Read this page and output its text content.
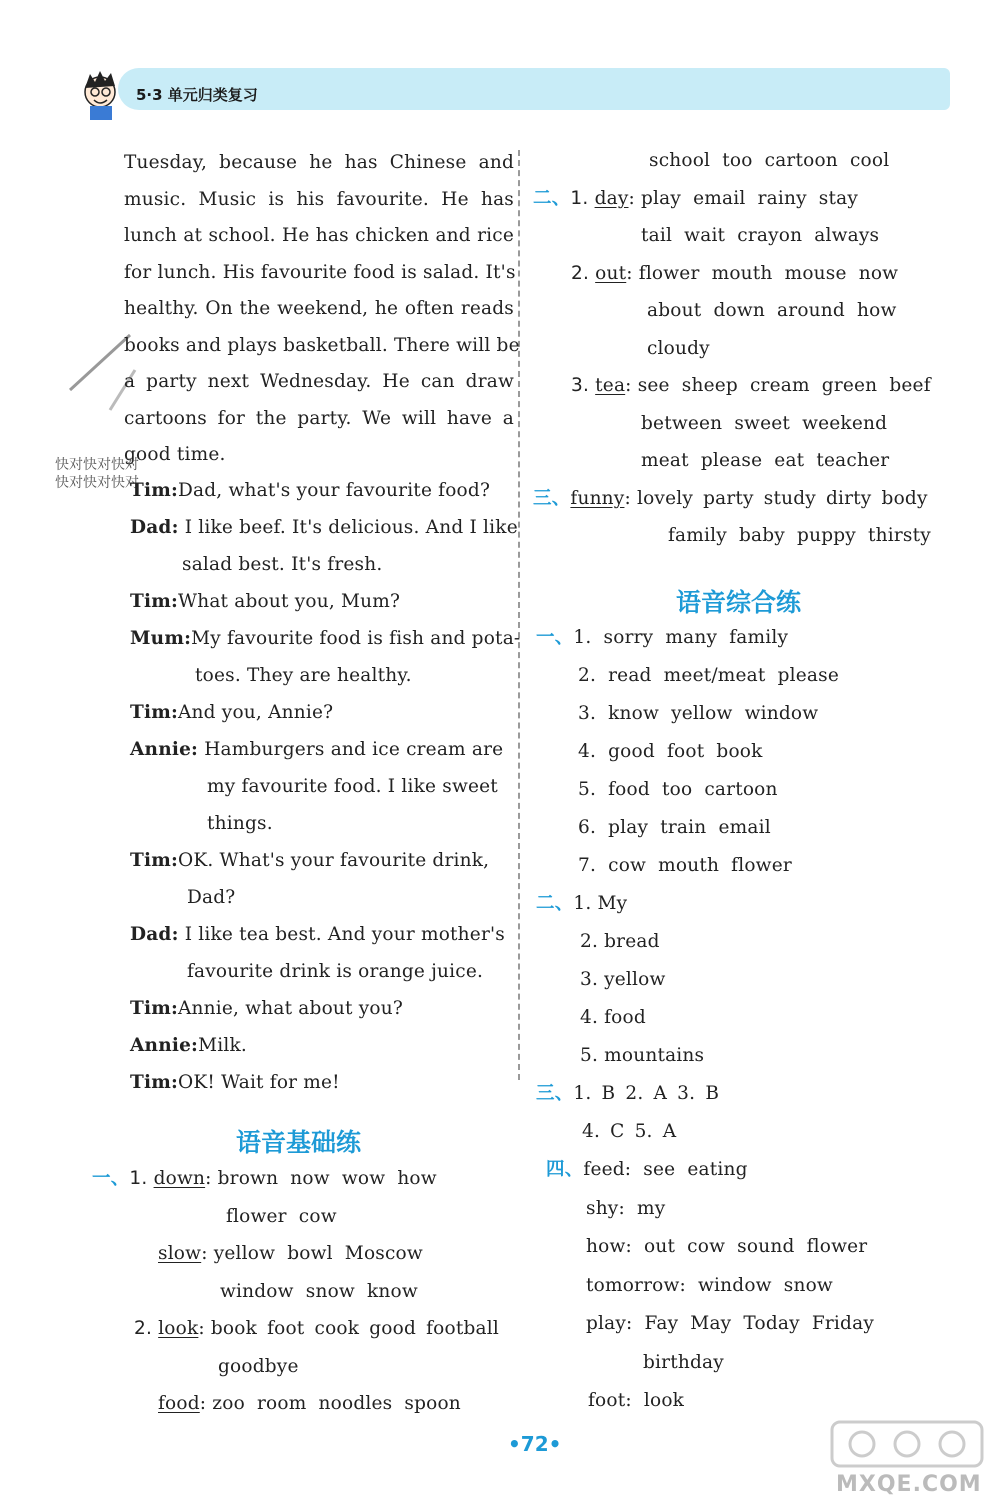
5·3 单元归类复习
Tuesday, because he has Chinese and
music. Music is his favourite. He has
lunch at school. He has chicken and rice
for lunch. His favourite food is salad. It's
healthy. On the weekend, he often reads
books and plays basketball. There will be
a party next Wednesday. He can draw
cartoons for the party. We will have a
good time.
快对快对快对
快对快对快对
Tim:Dad, what's your favourite food?
Dad: I like beef. It's delicious. And I like
salad best. It's fresh.
Tim:What about you, Mum?
Mum:My favourite food is fish and pota-
toes. They are healthy.
Tim:And you, Annie?
Annie: Hamburgers and ice cream are
my favourite food. I like sweet
things.
Tim:OK. What's your favourite drink,
Dad?
Dad: I like tea best. And your mother's
favourite drink is orange juice.
Tim:Annie, what about you?
Annie:Milk.
Tim:OK! Wait for me!
语音基础练
一、1. down: brown now wow how
flower cow
slow: yellow bowl Moscow
window snow know
2. look: book foot cook good football
goodbye
food: zoo room noodles spoon
school too cartoon cool
二、1. day: play email rainy stay
tail wait crayon always
2. out: flower mouth mouse now
about down around how
cloudy
3. tea: see sheep cream green beef
between sweet weekend
meat please eat teacher
三、funny: lovely party study dirty body
family baby puppy thirsty
语音综合练
一、1. sorry many family
2. read meet/meat please
3. know yellow window
4. good foot book
5. food too cartoon
6. play train email
7. cow mouth flower
二、1. My
2. bread
3. yellow
4. food
5. mountains
三、1. B 2. A 3. B
4. C 5. A
四、feed: see eating
shy: my
how: out cow sound flower
tomorrow: window snow
play: Fay May Today Friday
birthday
foot: look
•72•
MXQE.COM
